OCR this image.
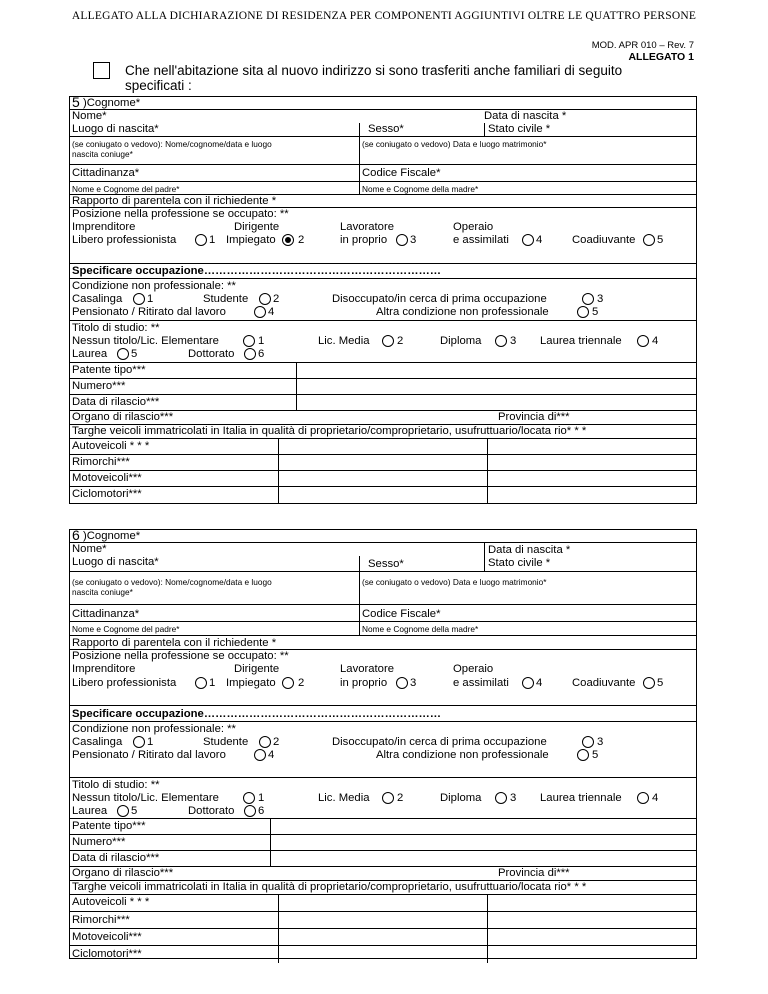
ALLEGATO ALLA DICHIARAZIONE DI RESIDENZA PER COMPONENTI AGGIUNTIVI OLTRE LE QUATTRO PERSONE
MOD. APR 010 – Rev. 7
ALLEGATO 1
Che nell'abitazione sita al nuovo indirizzo si sono trasferiti anche familiari di seguito
specificati :
5 )Cognome*
Nome*	Data di nascita *
Luogo di nascita*	Sesso*	Stato civile *
(se coniugato o vedovo): Nome/cognome/data e luogo
nascita coniuge*
(se coniugato o vedovo) Data e luogo matrimonio*
Cittadinanza*	Codice Fiscale*
Nome e Cognome del padre*	Nome e Cognome della madre*
Rapporto di parentela con il richiedente *
Posizione nella professione se occupato: **
Imprenditore	Dirigente	Lavoratore	Operaio
Libero professionista	1 Impiegato 2	in proprio 3	e assimilati 4	Coadiuvante 5
Specificare occupazione………………………………………………………
Condizione non professionale: **
Casalinga 1	Studente 2	Disoccupato/in cerca di prima occupazione	3
Pensionato / Ritirato dal lavoro	4	Altra condizione non professionale	5
Titolo di studio: **
Nessun titolo/Lic. Elementare	1	Lic. Media 2	Diploma	3 Laurea triennale	4
Laurea 5	Dottorato 6
Patente tipo***
Numero***
Data di rilascio***
Organo di rilascio***	Provincia di***
Targhe veicoli immatricolati in Italia in qualità di proprietario/comproprietario, usufruttuario/locata rio* * *
Autoveicoli * * *
Rimorchi***
Motoveicoli***
Ciclomotori***
6 )Cognome*
Nome*	Data di nascita *
Luogo di nascita*	Sesso*	Stato civile *
(se coniugato o vedovo): Nome/cognome/data e luogo
nascita coniuge*
(se coniugato o vedovo) Data e luogo matrimonio*
Cittadinanza*	Codice Fiscale*
Nome e Cognome del padre*	Nome e Cognome della madre*
Rapporto di parentela con il richiedente *
Posizione nella professione se occupato: **
Imprenditore	Dirigente	Lavoratore	Operaio
Libero professionista	1 Impiegato 2	in proprio 3	e assimilati 4	Coadiuvante 5
Specificare occupazione………………………………………………………
Condizione non professionale: **
Casalinga 1	Studente 2	Disoccupato/in cerca di prima occupazione	3
Pensionato / Ritirato dal lavoro	4	Altra condizione non professionale	5
Titolo di studio: **
Nessun titolo/Lic. Elementare	1	Lic. Media 2	Diploma	3 Laurea triennale	4
Laurea 5	Dottorato 6
Patente tipo***
Numero***
Data di rilascio***
Organo di rilascio***	Provincia di***
Targhe veicoli immatricolati in Italia in qualità di proprietario/comproprietario, usufruttuario/locata rio* * *
Autoveicoli * * *
Rimorchi***
Motoveicoli***
Ciclomotori***
